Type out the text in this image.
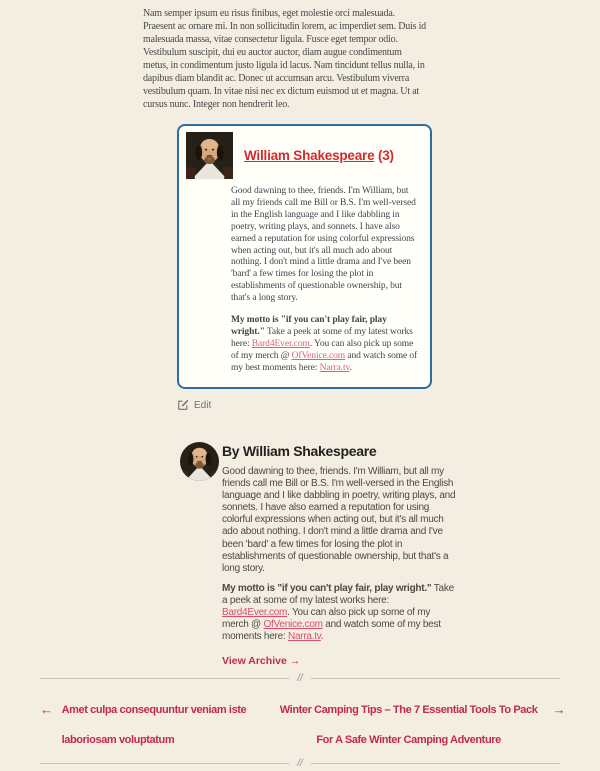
Nam semper ipsum eu risus finibus, eget molestie orci malesuada. Praesent ac ornare mi. In non sollicitudin lorem, ac imperdiet sem. Duis id malesuada massa, vitae consectetur ligula. Fusce eget tempor odio. Vestibulum suscipit, dui eu auctor auctor, diam augue condimentum metus, in condimentum justo ligula id lacus. Nam tincidunt tellus nulla, in dapibus diam blandit ac. Donec ut accumsan arcu. Vestibulum viverra vestibulum quam. In vitae nisi nec ex dictum euismod ut et magna. Ut at cursus nunc. Integer non hendrerit leo.

William Shakespeare (3)

Good dawning to thee, friends. I'm William, but all my friends call me Bill or B.S. I'm well-versed in the English language and I like dabbling in poetry, writing plays, and sonnets. I have also earned a reputation for using colorful expressions when acting out, but it's all much ado about nothing. I don't mind a little drama and I've been 'bard' a few times for losing the plot in establishments of questionable ownership, but that's a long story.

My motto is "if you can't play fair, play wright." Take a peek at some of my latest works here: Bard4Ever.com. You can also pick up some of my merch @ OfVenice.com and watch some of my best moments here: Narra.tv.

Edit
By William Shakespeare

Good dawning to thee, friends. I'm William, but all my friends call me Bill or B.S. I'm well-versed in the English language and I like dabbling in poetry, writing plays, and sonnets. I have also earned a reputation for using colorful expressions when acting out, but it's all much ado about nothing. I don't mind a little drama and I've been 'bard' a few times for losing the plot in establishments of questionable ownership, but that's a long story.

My motto is "if you can't play fair, play wright." Take a peek at some of my latest works here: Bard4Ever.com. You can also pick up some of my merch @ OfVenice.com and watch some of my best moments here: Narra.tv.

View Archive →
//
← Amet culpa consequuntur veniam iste laboriosam voluptatum
Winter Camping Tips – The 7 Essential Tools To Pack For A Safe Winter Camping Adventure
→
//
